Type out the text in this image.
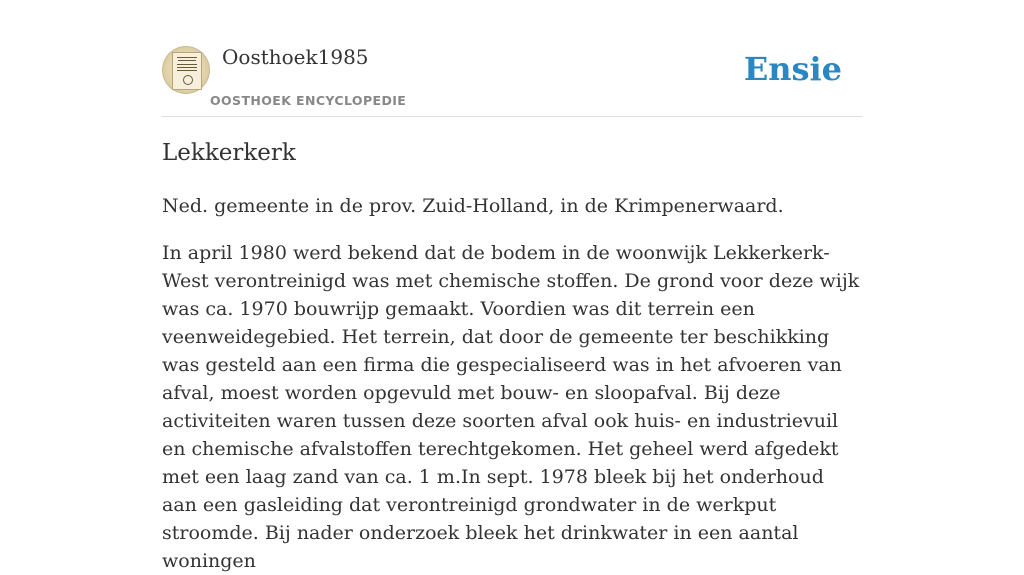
Oosthoek1985
OOSTHOEK ENCYCLOPEDIE
Ensie
Lekkerkerk

Ned. gemeente in de prov. Zuid-Holland, in de Krimpenerwaard.

In april 1980 werd bekend dat de bodem in de woonwijk Lekkerkerk-West verontreinigd was met chemische stoffen. De grond voor deze wijk was ca. 1970 bouwrijp gemaakt. Voordien was dit terrein een veenweidegebied. Het terrein, dat door de gemeente ter beschikking was gesteld aan een firma die gespecialiseerd was in het afvoeren van afval, moest worden opgevuld met bouw- en sloopafval. Bij deze activiteiten waren tussen deze soorten afval ook huis- en industrievuil en chemische afvalstoffen terechtgekomen. Het geheel werd afgedekt met een laag zand van ca. 1 m.In sept. 1978 bleek bij het onderhoud aan een gasleiding dat verontreinigd grondwater in de werkput stroomde. Bij nader onderzoek bleek het drinkwater in een aantal woningen
